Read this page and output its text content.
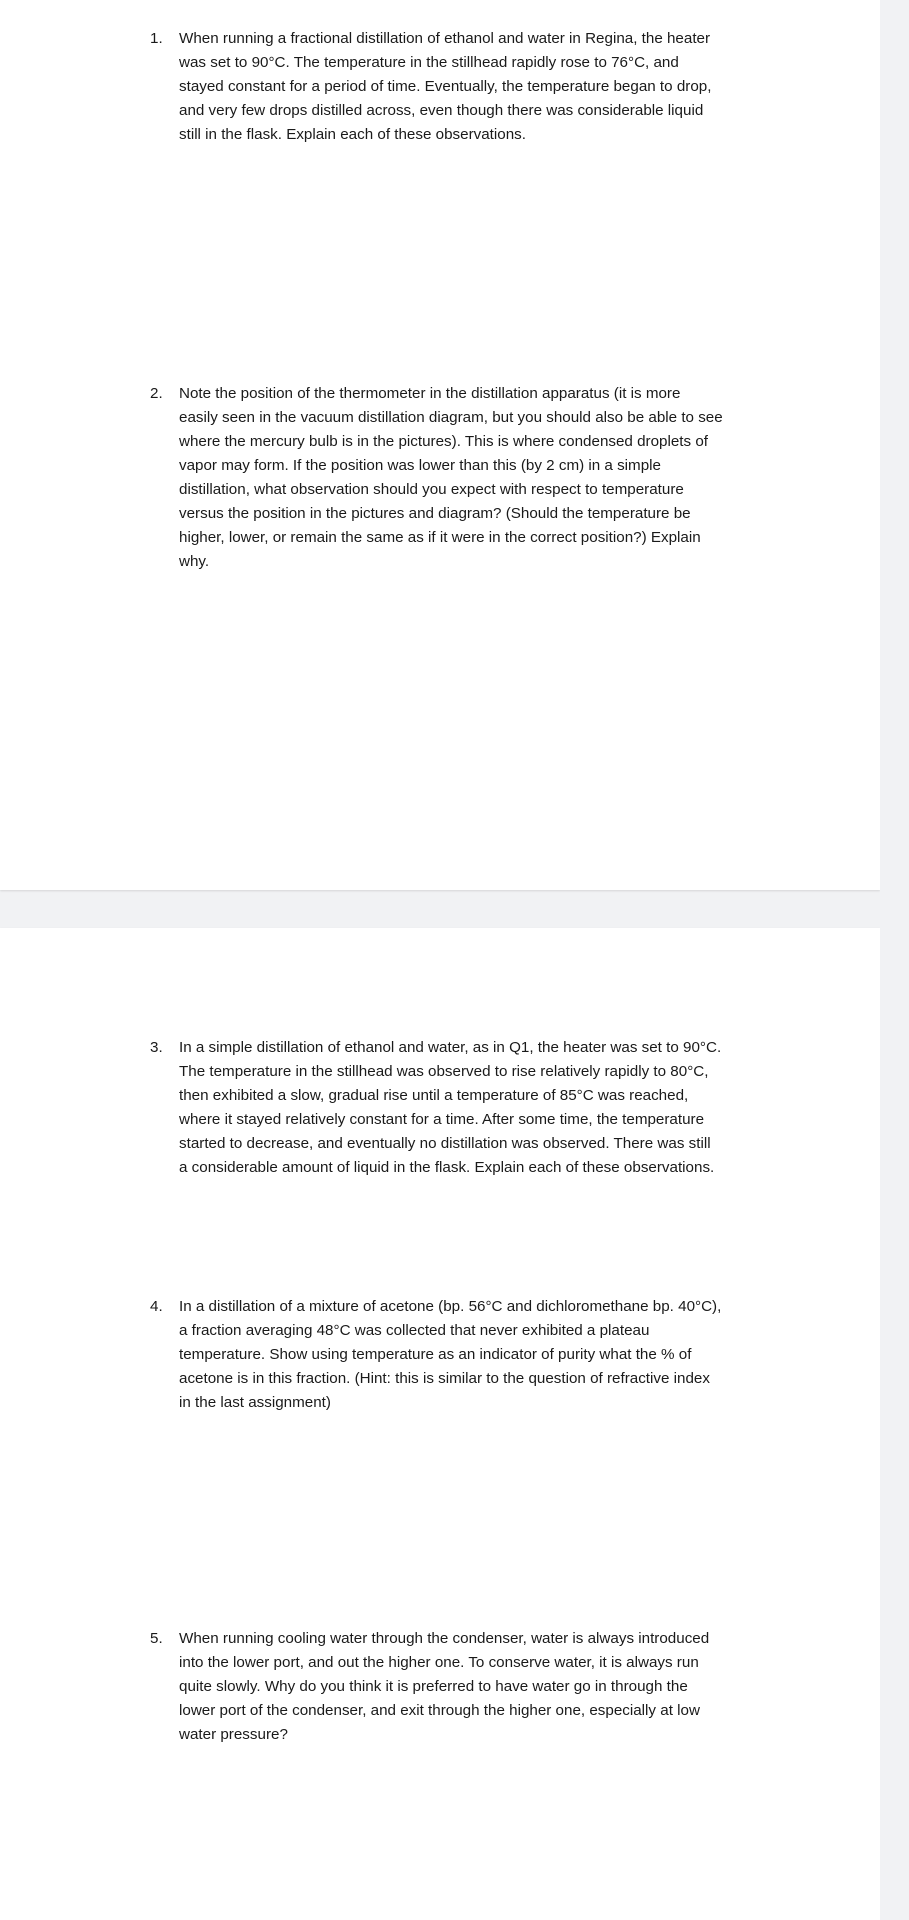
1.	When running a fractional distillation of ethanol and water in Regina, the heater
was set to 90°C. The temperature in the stillhead rapidly rose to 76°C, and
stayed constant for a period of time. Eventually, the temperature began to drop,
and very few drops distilled across, even though there was considerable liquid
still in the flask. Explain each of these observations.
2.	Note the position of the thermometer in the distillation apparatus (it is more
easily seen in the vacuum distillation diagram, but you should also be able to see
where the mercury bulb is in the pictures). This is where condensed droplets of
vapor may form. If the position was lower than this (by 2 cm) in a simple
distillation, what observation should you expect with respect to temperature
versus the position in the pictures and diagram? (Should the temperature be
higher, lower, or remain the same as if it were in the correct position?) Explain
why.
3.	In a simple distillation of ethanol and water, as in Q1, the heater was set to 90°C.
The temperature in the stillhead was observed to rise relatively rapidly to 80°C,
then exhibited a slow, gradual rise until a temperature of 85°C was reached,
where it stayed relatively constant for a time. After some time, the temperature
started to decrease, and eventually no distillation was observed. There was still
a considerable amount of liquid in the flask. Explain each of these observations.
4.	In a distillation of a mixture of acetone (bp. 56°C and dichloromethane bp. 40°C),
a fraction averaging 48°C was collected that never exhibited a plateau
temperature. Show using temperature as an indicator of purity what the % of
acetone is in this fraction. (Hint: this is similar to the question of refractive index
in the last assignment)
5.	When running cooling water through the condenser, water is always introduced
into the lower port, and out the higher one. To conserve water, it is always run
quite slowly. Why do you think it is preferred to have water go in through the
lower port of the condenser, and exit through the higher one, especially at low
water pressure?
